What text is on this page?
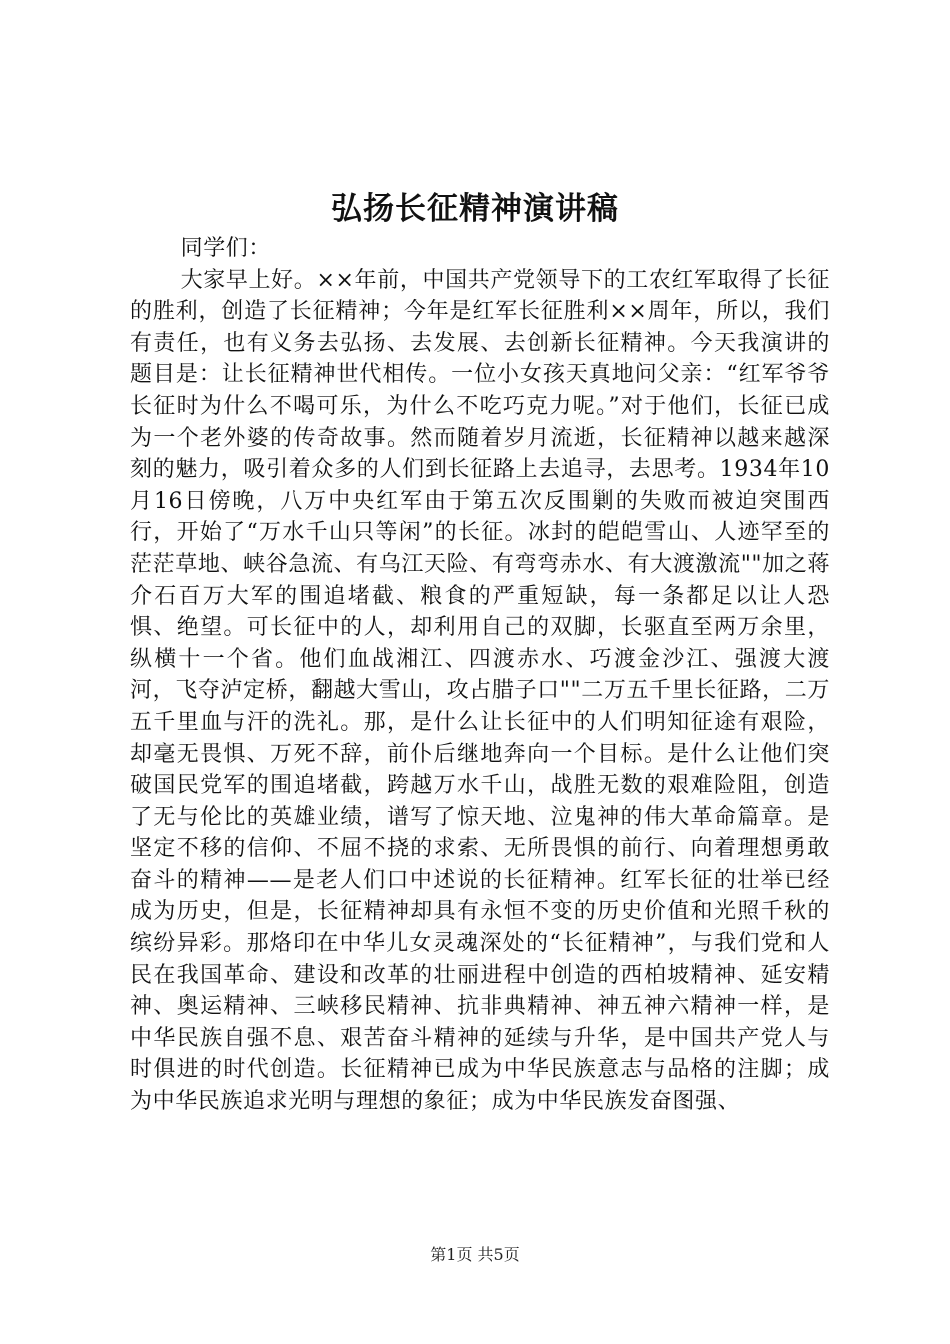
弘扬长征精神演讲稿

同学们：

大家早上好。××年前，中国共产党领导下的工农红军取得了长征的胜利，创造了长征精神；今年是红军长征胜利××周年，所以，我们有责任，也有义务去弘扬、去发展、去创新长征精神。今天我演讲的题目是：让长征精神世代相传。一位小女孩天真地问父亲：“红军爷爷长征时为什么不喝可乐，为什么不吃巧克力呢。”对于他们，长征已成为一个老外婆的传奇故事。然而随着岁月流逝，长征精神以越来越深刻的魅力，吸引着众多的人们到长征路上去追寻，去思考。1934年10月16日傍晚，八万中央红军由于第五次反围剿的失败而被迫突围西行，开始了“万水千山只等闲”的长征。冰封的皑皑雪山、人迹罕至的茫茫草地、峡谷急流、有乌江天险、有弯弯赤水、有大渡激流""加之蒋介石百万大军的围追堵截、粮食的严重短缺，每一条都足以让人恐惧、绝望。可长征中的人，却利用自己的双脚，长驱直至两万余里，纵横十一个省。他们血战湘江、四渡赤水、巧渡金沙江、强渡大渡河，飞夺泸定桥，翻越大雪山，攻占腊子口""二万五千里长征路，二万五千里血与汗的洗礼。那，是什么让长征中的人们明知征途有艰险，却毫无畏惧、万死不辞，前仆后继地奔向一个目标。是什么让他们突破国民党军的围追堵截，跨越万水千山，战胜无数的艰难险阻，创造了无与伦比的英雄业绩，谱写了惊天地、泣鬼神的伟大革命篇章。是坚定不移的信仰、不屈不挠的求索、无所畏惧的前行、向着理想勇敢奋斗的精神——是老人们口中述说的长征精神。红军长征的壮举已经成为历史，但是，长征精神却具有永恒不变的历史价值和光照千秋的缤纷异彩。那烙印在中华儿女灵魂深处的“长征精神”，与我们党和人民在我国革命、建设和改革的壮丽进程中创造的西柏坡精神、延安精神、奥运精神、三峡移民精神、抗非典精神、神五神六精神一样，是中华民族自强不息、艰苦奋斗精神的延续与升华，是中国共产党人与时俱进的时代创造。长征精神已成为中华民族意志与品格的注脚；成为中华民族追求光明与理想的象征；成为中华民族发奋图强、

第1页 共5页
